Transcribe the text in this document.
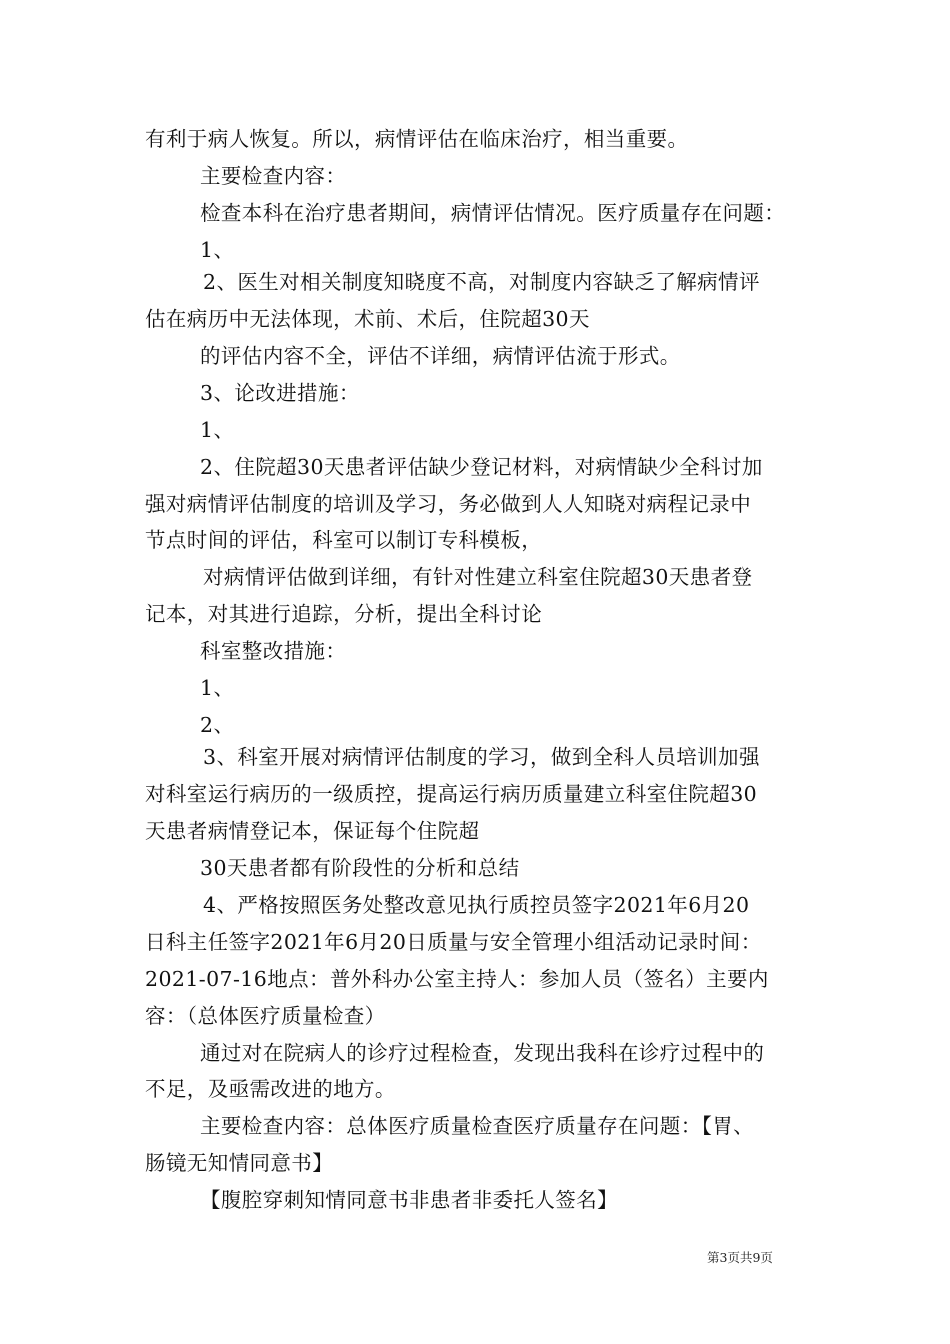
有利于病人恢复。所以，病情评估在临床治疗，相当重要。
主要检查内容：
检查本科在治疗患者期间，病情评估情况。医疗质量存在问题：
1、
2、医生对相关制度知晓度不高，对制度内容缺乏了解病情评
估在病历中无法体现，术前、术后，住院超30天
的评估内容不全，评估不详细，病情评估流于形式。
3、论改进措施：
1、
2、住院超30天患者评估缺少登记材料，对病情缺少全科讨加
强对病情评估制度的培训及学习，务必做到人人知晓对病程记录中
节点时间的评估，科室可以制订专科模板，
对病情评估做到详细，有针对性建立科室住院超30天患者登
记本，对其进行追踪，分析，提出全科讨论
科室整改措施：
1、
2、
3、科室开展对病情评估制度的学习，做到全科人员培训加强
对科室运行病历的一级质控，提高运行病历质量建立科室住院超30
天患者病情登记本，保证每个住院超
30天患者都有阶段性的分析和总结
4、严格按照医务处整改意见执行质控员签字2021年6月20
日科主任签字2021年6月20日质量与安全管理小组活动记录时间：
2021-07-16地点：普外科办公室主持人：参加人员（签名）主要内
容：（总体医疗质量检查）
通过对在院病人的诊疗过程检查，发现出我科在诊疗过程中的
不足，及亟需改进的地方。
主要检查内容：总体医疗质量检查医疗质量存在问题：【胃、
肠镜无知情同意书】
【腹腔穿刺知情同意书非患者非委托人签名】
第3页共9页
